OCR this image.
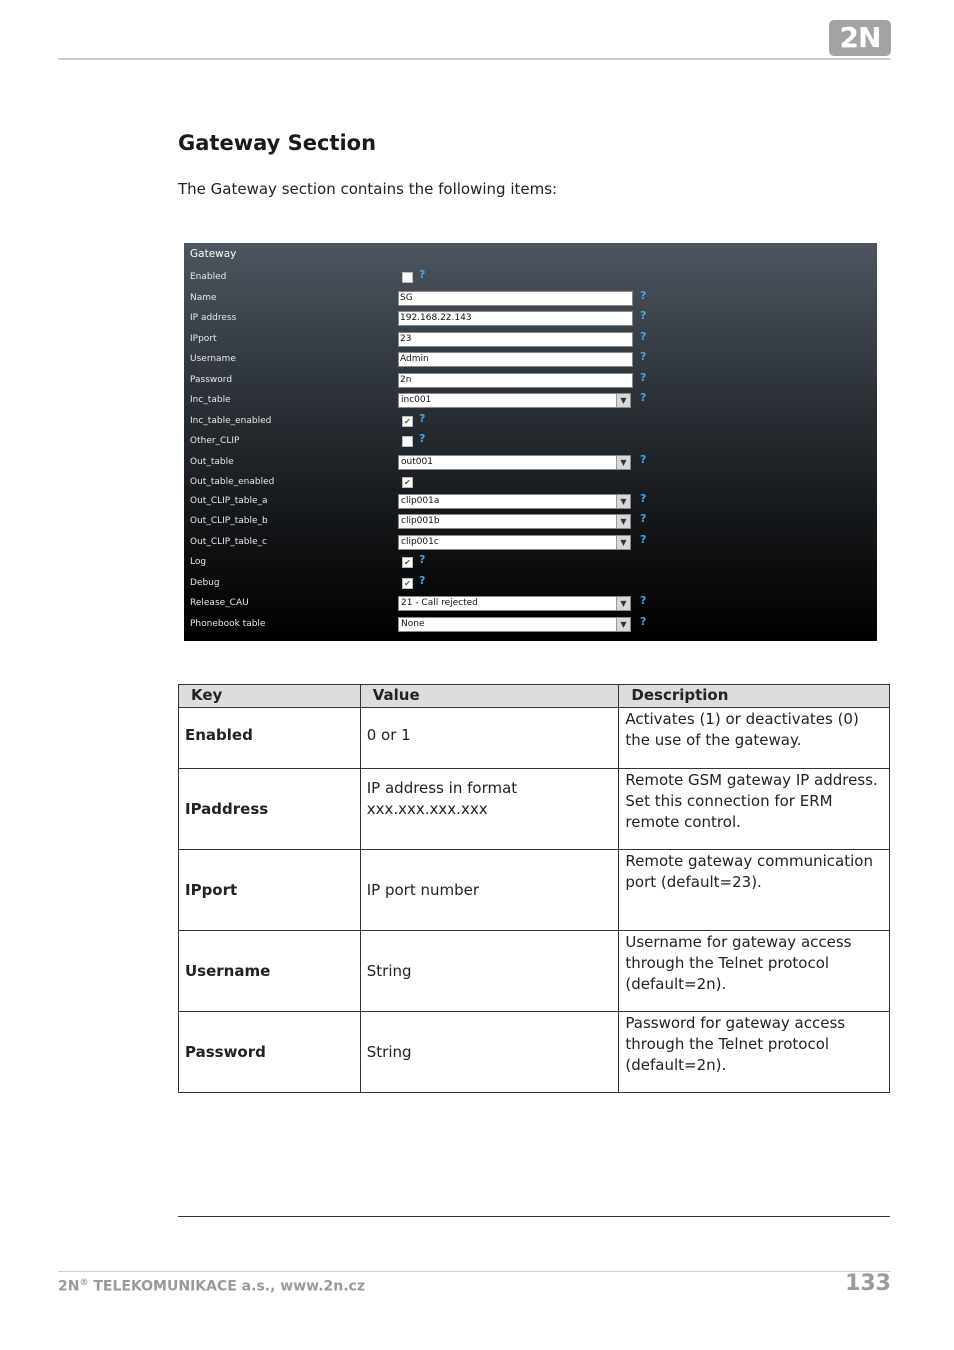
2N
Gateway Section

The Gateway section contains the following items:

Gateway
Enabled	?
Name	SG	?
IP address	192.168.22.143	?
IPport	23	?
Username	Admin	?
Password	2n	?
Inc_table	inc001	▼	?
Inc_table_enabled	✔ ?
Other_CLIP	?
Out_table	out001	▼	?
Out_table_enabled	✔
Out_CLIP_table_a	clip001a	▼	?
Out_CLIP_table_b	clip001b	▼	?
Out_CLIP_table_c	clip001c	▼	?
Log	✔ ?
Debug	✔ ?
Release_CAU	21 - Call rejected	▼	?
Phonebook table	None	▼	?
Key	Value	Description
Enabled	0 or 1	Activates (1) or deactivates (0) the use of the gateway.
IPaddress	IP address in format xxx.xxx.xxx.xxx	Remote GSM gateway IP address. Set this connection for ERM remote control.
IPport	IP port number	Remote gateway communication port (default=23).
Username	String	Username for gateway access through the Telnet protocol (default=2n).
Password	String	Password for gateway access through the Telnet protocol (default=2n).
2N® TELEKOMUNIKACE a.s., www.2n.cz	133
